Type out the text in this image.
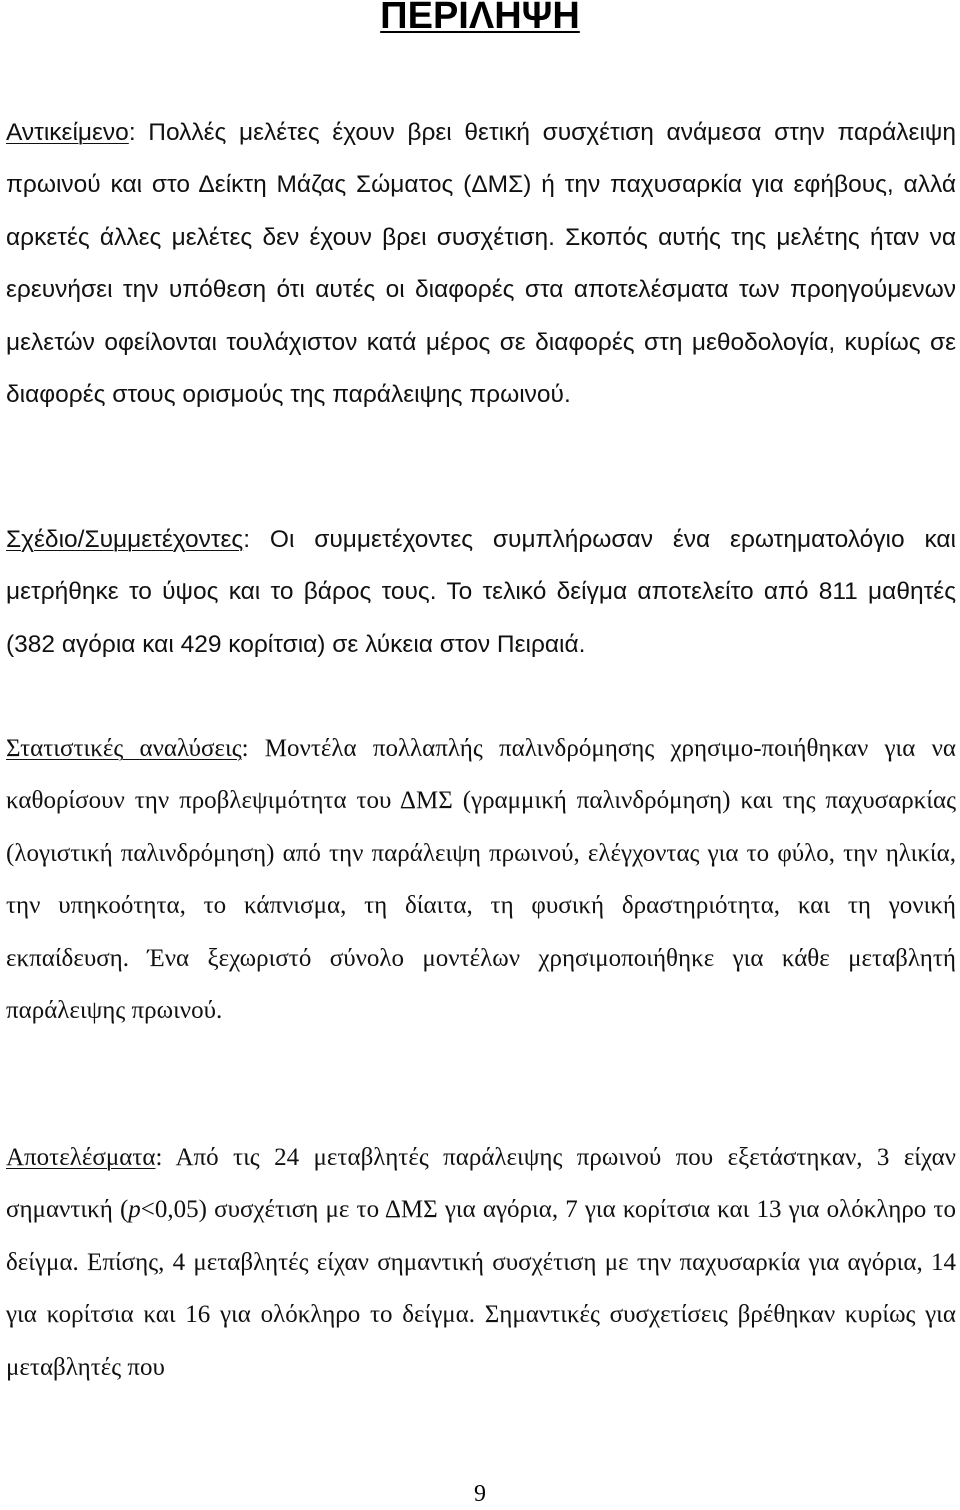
ΠΕΡΙΛΗΨΗ

Αντικείμενο: Πολλές μελέτες έχουν βρει θετική συσχέτιση ανάμεσα στην παράλειψη πρωινού και στο Δείκτη Μάζας Σώματος (ΔΜΣ) ή την παχυσαρκία για εφήβους, αλλά αρκετές άλλες μελέτες δεν έχουν βρει συσχέτιση. Σκοπός αυτής της μελέτης ήταν να ερευνήσει την υπόθεση ότι αυτές οι διαφορές στα αποτελέσματα των προηγούμενων μελετών οφείλονται τουλάχιστον κατά μέρος σε διαφορές στη μεθοδολογία, κυρίως σε διαφορές στους ορισμούς της παράλειψης πρωινού.

Σχέδιο/Συμμετέχοντες: Οι συμμετέχοντες συμπλήρωσαν ένα ερωτηματολόγιο και μετρήθηκε το ύψος και το βάρος τους. Το τελικό δείγμα αποτελείτο από 811 μαθητές (382 αγόρια και 429 κορίτσια) σε λύκεια στον Πειραιά.

Στατιστικές αναλύσεις: Μοντέλα πολλαπλής παλινδρόμησης χρησιμο-ποιήθηκαν για να καθορίσουν την προβλεψιμότητα του ΔΜΣ (γραμμική παλινδρόμηση) και της παχυσαρκίας (λογιστική παλινδρόμηση) από την παράλειψη πρωινού, ελέγχοντας για το φύλο, την ηλικία, την υπηκοότητα, το κάπνισμα, τη δίαιτα, τη φυσική δραστηριότητα, και τη γονική εκπαίδευση. Ένα ξεχωριστό σύνολο μοντέλων χρησιμοποιήθηκε για κάθε μεταβλητή παράλειψης πρωινού.

Αποτελέσματα: Από τις 24 μεταβλητές παράλειψης πρωινού που εξετάστηκαν, 3 είχαν σημαντική (p<0,05) συσχέτιση με το ΔΜΣ για αγόρια, 7 για κορίτσια και 13 για ολόκληρο το δείγμα. Επίσης, 4 μεταβλητές είχαν σημαντική συσχέτιση με την παχυσαρκία για αγόρια, 14 για κορίτσια και 16 για ολόκληρο το δείγμα. Σημαντικές συσχετίσεις βρέθηκαν κυρίως για μεταβλητές που

9
